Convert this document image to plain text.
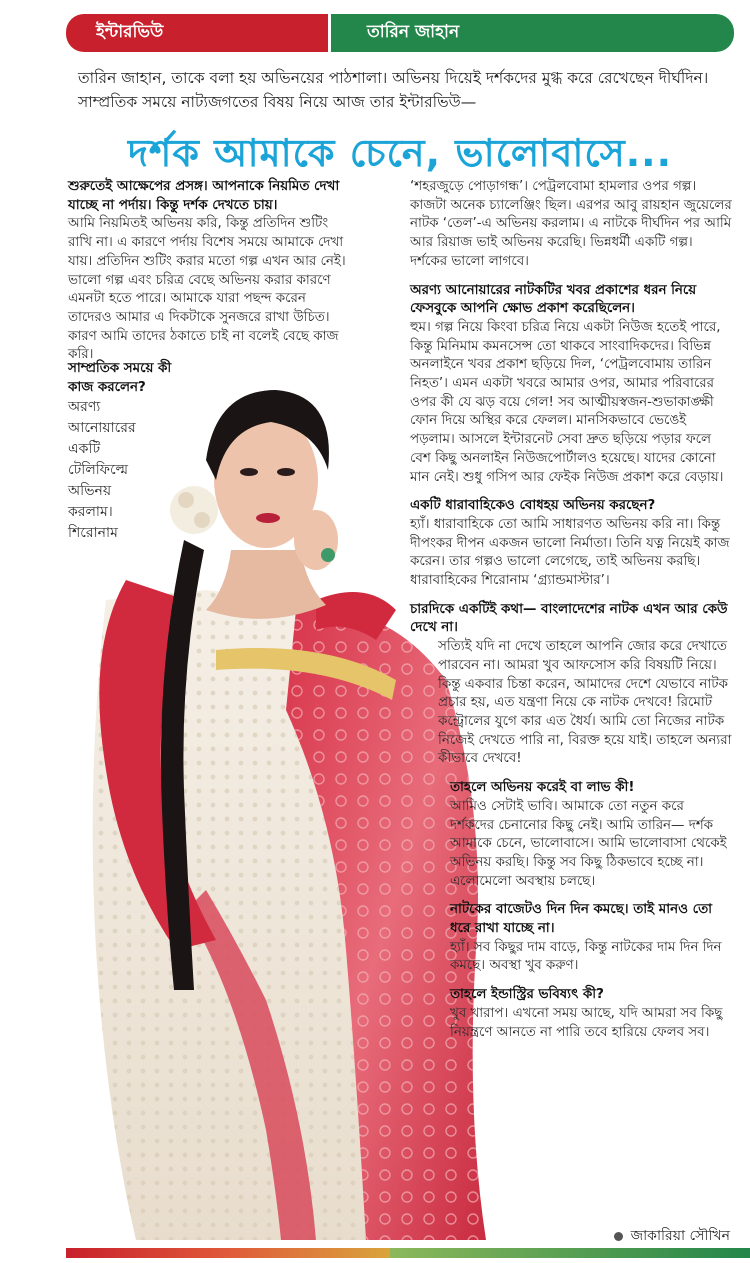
ইন্টারভিউ	তারিন জাহান

তারিন জাহান, তাকে বলা হয় অভিনয়ের পাঠশালা। অভিনয় দিয়েই দর্শকদের মুগ্ধ করে রেখেছেন দীর্ঘদিন। সাম্প্রতিক সময়ে নাট্যজগতের বিষয় নিয়ে আজ তার ইন্টারভিউ—

দর্শক আমাকে চেনে, ভালোবাসে...

শুরুতেই আক্ষেপের প্রসঙ্গ। আপনাকে নিয়মিত দেখা যাচ্ছে না পর্দায়। কিন্তু দর্শক দেখতে চায়।

আমি নিয়মিতই অভিনয় করি, কিন্তু প্রতিদিন শুটিং রাখি না। এ কারণে পর্দায় বিশেষ সময়ে আমাকে দেখা যায়। প্রতিদিন শুটিং করার মতো গল্প এখন আর নেই। ভালো গল্প এবং চরিত্র বেছে অভিনয় করার কারণে এমনটা হতে পারে। আমাকে যারা পছন্দ করেন তাদেরও আমার এ দিকটাকে সুনজরে রাখা উচিত। কারণ আমি তাদের ঠকাতে চাই না বলেই বেছে কাজ করি।

সাম্প্রতিক সময়ে কী কাজ করলেন?

অরণ্য আনোয়ারের একটি টেলিফিল্মে অভিনয় করলাম। শিরোনাম

‘শহরজুড়ে পোড়াগন্ধ’। পেট্রলবোমা হামলার ওপর গল্প। কাজটা অনেক চ্যালেঞ্জিং ছিল। এরপর আবু রায়হান জুয়েলের নাটক ‘তেল’-এ অভিনয় করলাম। এ নাটকে দীর্ঘদিন পর আমি আর রিয়াজ ভাই অভিনয় করেছি। ভিন্নধর্মী একটি গল্প। দর্শকের ভালো লাগবে।

অরণ্য আনোয়ারের নাটকটির খবর প্রকাশের ধরন নিয়ে ফেসবুকে আপনি ক্ষোভ প্রকাশ করেছিলেন।

হুম। গল্প নিয়ে কিংবা চরিত্র নিয়ে একটা নিউজ হতেই পারে, কিন্তু মিনিমাম কমনসেন্স তো থাকবে সাংবাদিকদের। বিভিন্ন অনলাইনে খবর প্রকাশ ছড়িয়ে দিল, ‘পেট্রলবোমায় তারিন নিহত’। এমন একটা খবরে আমার ওপর, আমার পরিবারের ওপর কী যে ঝড় বয়ে গেল! সব আত্মীয়স্বজন-শুভাকাঙ্ক্ষী ফোন দিয়ে অস্থির করে ফেলল। মানসিকভাবে ভেঙেই পড়লাম। আসলে ইন্টারনেট সেবা দ্রুত ছড়িয়ে পড়ার ফলে বেশ কিছু অনলাইন নিউজপোর্টালও হয়েছে। যাদের কোনো মান নেই। শুধু গসিপ আর ফেইক নিউজ প্রকাশ করে বেড়ায়।

একটি ধারাবাহিকেও বোধহয় অভিনয় করছেন?

হ্যাঁ। ধারাবাহিকে তো আমি সাধারণত অভিনয় করি না। কিন্তু দীপংকর দীপন একজন ভালো নির্মাতা। তিনি যত্ন নিয়েই কাজ করেন। তার গল্পও ভালো লেগেছে, তাই অভিনয় করছি। ধারাবাহিকের শিরোনাম ‘গ্র্যান্ডমাস্টার’।

চারদিকে একটিই কথা— বাংলাদেশের নাটক এখন আর কেউ দেখে না।

সত্যিই যদি না দেখে তাহলে আপনি জোর করে দেখাতে পারবেন না। আমরা খুব আফসোস করি বিষয়টি নিয়ে। কিন্তু একবার চিন্তা করেন, আমাদের দেশে যেভাবে নাটক প্রচার হয়, এত যন্ত্রণা নিয়ে কে নাটক দেখবে! রিমোট কন্ট্রোলের যুগে কার এত ধৈর্য। আমি তো নিজের নাটক নিজেই দেখতে পারি না, বিরক্ত হয়ে যাই। তাহলে অন্যরা কীভাবে দেখবে!

তাহলে অভিনয় করেই বা লাভ কী!

আমিও সেটাই ভাবি। আমাকে তো নতুন করে দর্শকদের চেনানোর কিছু নেই। আমি তারিন— দর্শক আমাকে চেনে, ভালোবাসে। আমি ভালোবাসা থেকেই অভিনয় করছি। কিন্তু সব কিছু ঠিকভাবে হচ্ছে না। এলোমেলো অবস্থায় চলছে।

নাটকের বাজেটও দিন দিন কমছে। তাই মানও তো ধরে রাখা যাচ্ছে না।

হ্যাঁ। সব কিছুর দাম বাড়ে, কিন্তু নাটকের দাম দিন দিন কমছে। অবস্থা খুব করুণ।

তাহলে ইন্ডাস্ট্রির ভবিষ্যৎ কী?

খুব খারাপ। এখনো সময় আছে, যদি আমরা সব কিছু নিয়ন্ত্রণে আনতে না পারি তবে হারিয়ে ফেলব সব।

জাকারিয়া সৌখিন
